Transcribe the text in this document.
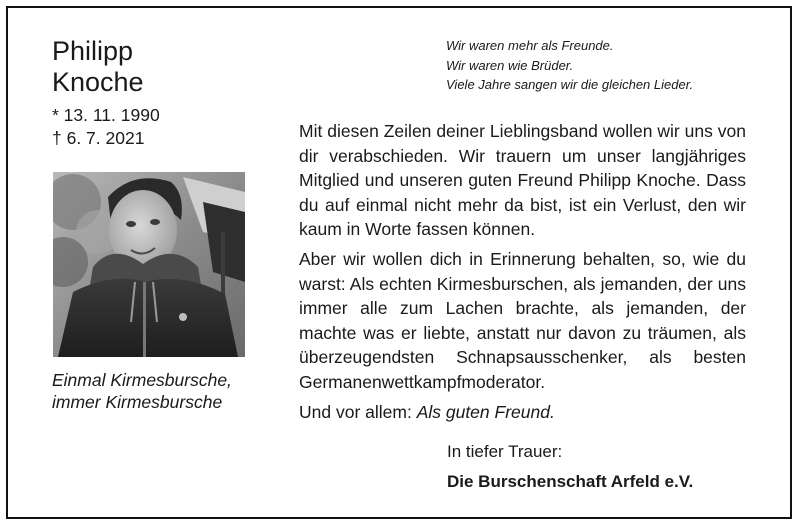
Philipp
Knoche
* 13. 11. 1990
† 6. 7. 2021
Einmal Kirmesbursche,
immer Kirmesbursche
Wir waren mehr als Freunde.
Wir waren wie Brüder.
Viele Jahre sangen wir die gleichen Lieder.

Mit diesen Zeilen deiner Lieblingsband wollen wir uns von dir verabschieden. Wir trauern um unser langjähriges Mitglied und unseren guten Freund Philipp Knoche. Dass du auf einmal nicht mehr da bist, ist ein Verlust, den wir kaum in Worte fassen können.

Aber wir wollen dich in Erinnerung behalten, so, wie du warst: Als echten Kirmesburschen, als jemanden, der uns immer alle zum Lachen brachte, als jemanden, der machte was er liebte, anstatt nur davon zu träumen, als überzeugendsten Schnapsausschenker, als besten Germanenwettkampfmoderator.

Und vor allem: Als guten Freund.

In tiefer Trauer:
Die Burschenschaft Arfeld e.V.
